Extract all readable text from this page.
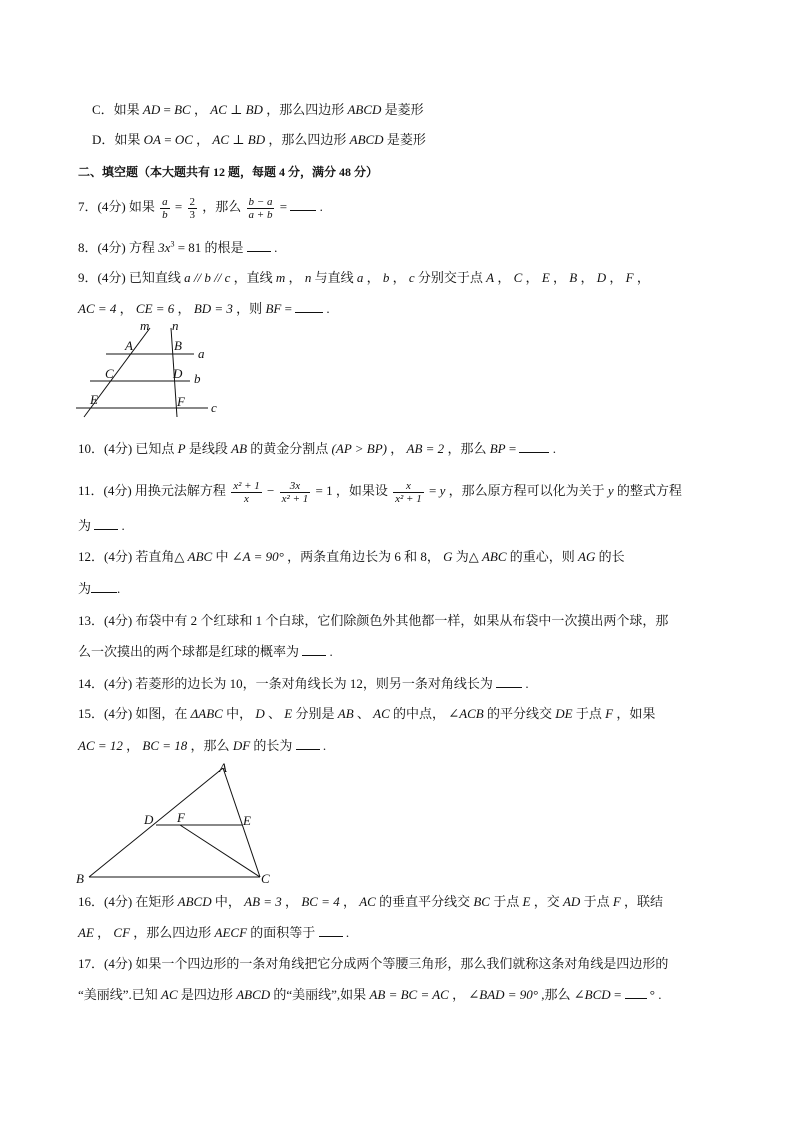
C．如果 AD = BC ， AC ⊥ BD ，那么四边形 ABCD 是菱形
D．如果 OA = OC ， AC ⊥ BD ，那么四边形 ABCD 是菱形
二、填空题（本大题共有 12 题，每题 4 分，满分 48 分）
7．(4分) 如果 $\frac{a}{b} = \frac{2}{3}$ ，那么 $\frac{b - a}{a + b}$ =  .
8．(4分) 方程 $3x^3 = 81$ 的根是  .
9．(4分) 已知直线 a // b // c ，直线 m ， n 与直线 a ， b ， c 分别交于点 A ， C ， E ， B ， D ， F ，
AC = 4 ， CE = 6 ， BD = 3 ，则 BF =  .
m n
A	B
a
C	D b
E	F c
10．(4分) 已知点 P 是线段 AB 的黄金分割点 (AP > BP) ， AB = 2 ，那么 BP =  .
11．(4分) 用换元法解方程 $\frac{\text{x² + 1}}{x} - \frac{3x}{\text{x² + 1}} = 1$ ，如果设 $\frac{x}{\text{x² + 1}} = y$ ，那么原方程可以化为关于 y 的整式方程
为  .
12．(4分) 若直角△ ABC 中 ∠A = 90° ，两条直角边长为 6 和 8， G 为△ ABC 的重心，则 AG 的长
为 .
13．(4分) 布袋中有 2 个红球和 1 个白球，它们除颜色外其他都一样，如果从布袋中一次摸出两个球，那
么一次摸出的两个球都是红球的概率为  .
14．(4分) 若菱形的边长为 10，一条对角线长为 12，则另一条对角线长为  .
15．(4分) 如图，在 ΔABC 中， D 、 E 分别是 AB 、 AC 的中点， ∠ACB 的平分线交 DE 于点 F ，如果
AC = 12 ， BC = 18 ，那么 DF 的长为  .
A
D F	E
B	C
16．(4分) 在矩形 ABCD 中， AB = 3 ， BC = 4 ， AC 的垂直平分线交 BC 于点 E ，交 AD 于点 F ，联结
AE ， CF ，那么四边形 AECF 的面积等于  .
17．(4分) 如果一个四边形的一条对角线把它分成两个等腰三角形，那么我们就称这条对角线是四边形的
“美丽线”.已知 AC 是四边形 ABCD 的“美丽线”,如果 AB = BC = AC ， ∠BAD = 90° ,那么 ∠BCD =  ° .
